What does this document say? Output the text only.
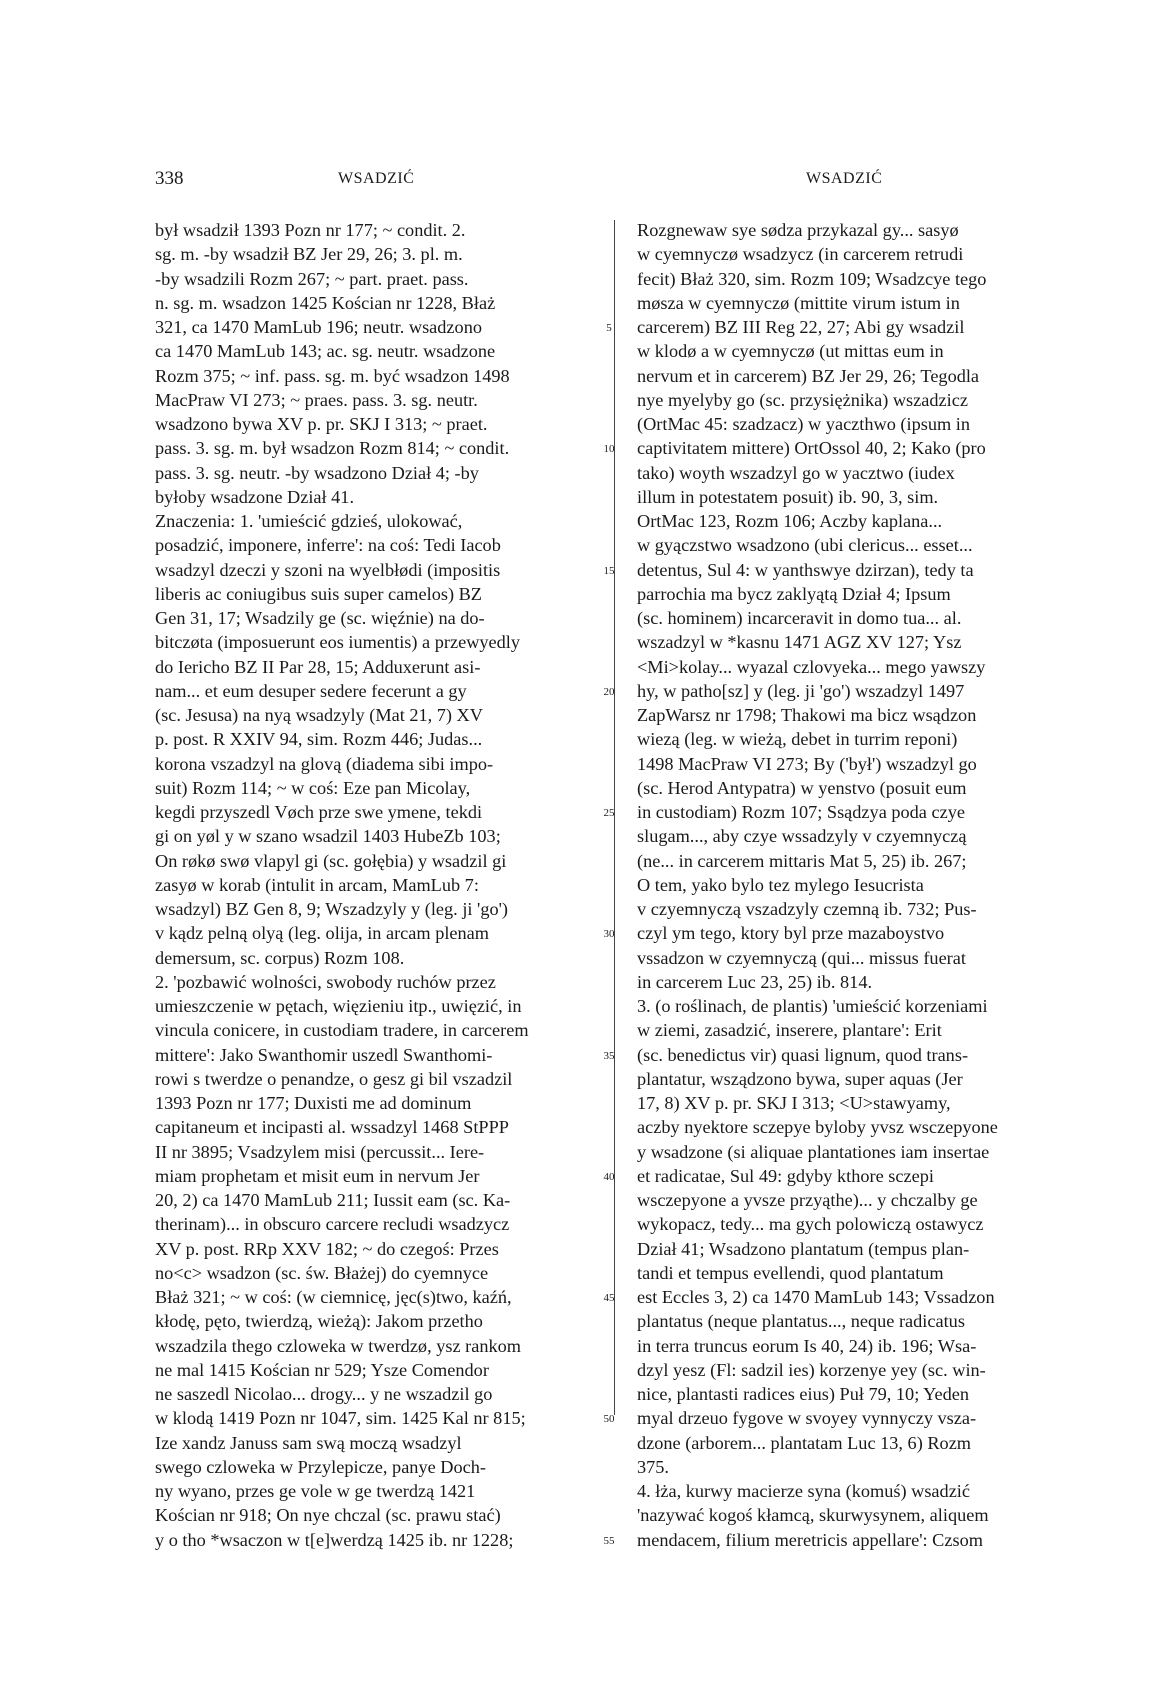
338	WSADZIĆ	WSADZIĆ
był wsadził 1393 Pozn nr 177; ~ condit. 2.
sg. m. -by wsadził BZ Jer 29, 26; 3. pl. m.
-by wsadzili Rozm 267; ~ part. praet. pass.
n. sg. m. wsadzon 1425 Kościan nr 1228, Błaż
321, ca 1470 MamLub 196; neutr. wsadzono
ca 1470 MamLub 143; ac. sg. neutr. wsadzone
Rozm 375; ~ inf. pass. sg. m. być wsadzon 1498
MacPraw VI 273; ~ praes. pass. 3. sg. neutr.
wsadzono bywa XV p. pr. SKJ I 313; ~ praet.
pass. 3. sg. m. był wsadzon Rozm 814; ~ condit.
pass. 3. sg. neutr. -by wsadzono Dział 4; -by
byłoby wsadzone Dział 41.
Znaczenia: 1. 'umieścić gdzieś, ulokować,
posadzić, imponere, inferre': na coś: Tedi Iacob
wsadzyl dzeczi y szoni na wyelbłødi (impositis
liberis ac coniugibus suis super camelos) BZ
Gen 31, 17; Wsadzily ge (sc. więźnie) na do-
bitczøta (imposuerunt eos iumentis) a przewyedly
do Iericho BZ II Par 28, 15; Adduxerunt asi-
nam... et eum desuper sedere fecerunt a gy
(sc. Jesusa) na nyą wsadzyly (Mat 21, 7) XV
p. post. R XXIV 94, sim. Rozm 446; Judas...
korona vszadzyl na glovą (diadema sibi impo-
suit) Rozm 114; ~ w coś: Eze pan Micolay,
kegdi przyszedl Vøch prze swe ymene, tekdi
gi on yøl y w szano wsadzil 1403 HubeZb 103;
On røkø swø vlapyl gi (sc. gołębia) y wsadzil gi
zasyø w korab (intulit in arcam, MamLub 7:
wsadzyl) BZ Gen 8, 9; Wszadzyly y (leg. ji 'go')
v kądz pelną olyą (leg. olija, in arcam plenam
demersum, sc. corpus) Rozm 108.
2. 'pozbawić wolności, swobody ruchów przez
umieszczenie w pętach, więzieniu itp., uwięzić, in
vincula conicere, in custodiam tradere, in carcerem
mittere': Jako Swanthomir uszedl Swanthomi-
rowi s twerdze o penandze, o gesz gi bil vszadzil
1393 Pozn nr 177; Duxisti me ad dominum
capitaneum et incipasti al. wssadzyl 1468 StPPP
II nr 3895; Vsadzylem misi (percussit... Iere-
miam prophetam et misit eum in nervum Jer
20, 2) ca 1470 MamLub 211; Iussit eam (sc. Ka-
therinam)... in obscuro carcere recludi wsadzycz
XV p. post. RRp XXV 182; ~ do czegoś: Przes
no<c> wsadzon (sc. św. Błażej) do cyemnyce
Błaż 321; ~ w coś: (w ciemnicę, jęc(s)two, kaźń,
kłodę, pęto, twierdzą, wieżą): Jakom przetho
wszadzila thego czloweka w twerdzø, ysz rankom
ne mal 1415 Kościan nr 529; Ysze Comendor
ne saszedl Nicolao... drogy... y ne wszadzil go
w klodą 1419 Pozn nr 1047, sim. 1425 Kal nr 815;
Ize xandz Januss sam swą moczą wsadzyl
swego czloweka w Przylepicze, panye Doch-
ny wyano, przes ge vole w ge twerdzą 1421
Kościan nr 918; On nye chczal (sc. prawu stać)
y o tho *wsaczon w t[e]werdzą 1425 ib. nr 1228;
5
10
15
20
25
30
35
40
45
50
55
Rozgnewaw sye sødza przykazal gy... sasyø
w cyemnyczø wsadzycz (in carcerem retrudi
fecit) Błaż 320, sim. Rozm 109; Wsadzcye tego
møsza w cyemnyczø (mittite virum istum in
carcerem) BZ III Reg 22, 27; Abi gy wsadzil
w klodø a w cyemnyczø (ut mittas eum in
nervum et in carcerem) BZ Jer 29, 26; Tegodla
nye myelyby go (sc. przysiężnika) wszadzicz
(OrtMac 45: szadzacz) w yaczthwo (ipsum in
captivitatem mittere) OrtOssol 40, 2; Kako (pro
tako) woyth wszadzyl go w yacztwo (iudex
illum in potestatem posuit) ib. 90, 3, sim.
OrtMac 123, Rozm 106; Aczby kaplana...
w gyączstwo wsadzono (ubi clericus... esset...
detentus, Sul 4: w yanthswye dzirzan), tedy ta
parrochia ma bycz zaklyątą Dział 4; Ipsum
(sc. hominem) incarceravit in domo tua... al.
wszadzyl w *kasnu 1471 AGZ XV 127; Ysz
<Mi>kolay... wyazal czlovyeka... mego yawszy
hy, w patho[sz] y (leg. ji 'go') wszadzyl 1497
ZapWarsz nr 1798; Thakowi ma bicz wsądzon
wiezą (leg. w wieżą, debet in turrim reponi)
1498 MacPraw VI 273; By ('był') wszadzyl go
(sc. Herod Antypatra) w yenstvo (posuit eum
in custodiam) Rozm 107; Ssądzya poda czye
slugam..., aby czye wssadzyly v czyemnyczą
(ne... in carcerem mittaris Mat 5, 25) ib. 267;
O tem, yako bylo tez mylego Iesucrista
v czyemnyczą vszadzyly czemną ib. 732; Pus-
czyl ym tego, ktory byl prze mazaboystvo
vssadzon w czyemnyczą (qui... missus fuerat
in carcerem Luc 23, 25) ib. 814.
3. (o roślinach, de plantis) 'umieścić korzeniami
w ziemi, zasadzić, inserere, plantare': Erit
(sc. benedictus vir) quasi lignum, quod trans-
plantatur, wsządzono bywa, super aquas (Jer
17, 8) XV p. pr. SKJ I 313; <U>stawyamy,
aczby nyektore sczepye byloby yvsz wsczepyone
y wsadzone (si aliquae plantationes iam insertae
et radicatae, Sul 49: gdyby kthore sczepi
wsczepyone a yvsze przyąthe)... y chczalby ge
wykopacz, tedy... ma gych polowiczą ostawycz
Dział 41; Wsadzono plantatum (tempus plan-
tandi et tempus evellendi, quod plantatum
est Eccles 3, 2) ca 1470 MamLub 143; Vssadzon
plantatus (neque plantatus..., neque radicatus
in terra truncus eorum Is 40, 24) ib. 196; Wsa-
dzyl yesz (Fl: sadzil ies) korzenye yey (sc. win-
nice, plantasti radices eius) Puł 79, 10; Yeden
myal drzeuo fygove w svoyey vynnyczy vsza-
dzone (arborem... plantatam Luc 13, 6) Rozm
375.
4. łża, kurwy macierze syna (komuś) wsadzić
'nazywać kogoś kłamcą, skurwysynem, aliquem
mendacem, filium meretricis appellare': Czsom
